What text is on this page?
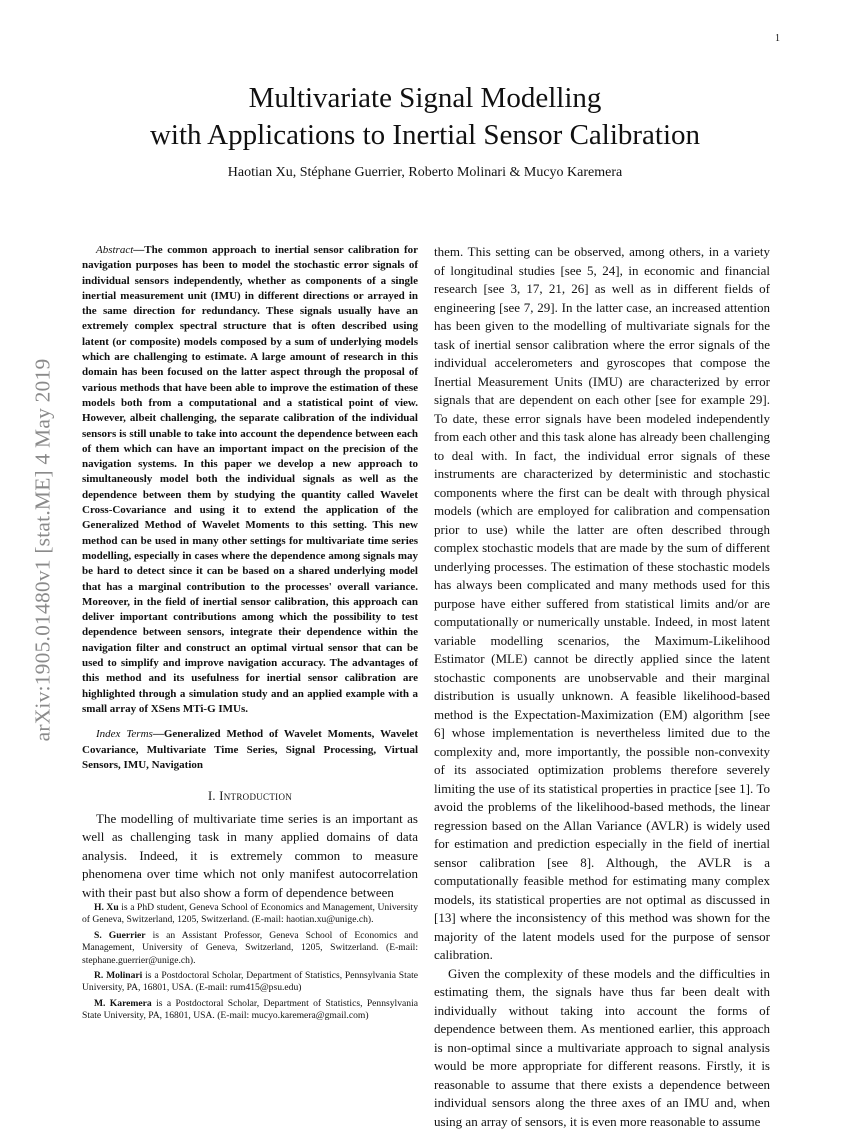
1
arXiv:1905.01480v1 [stat.ME] 4 May 2019
Multivariate Signal Modelling
with Applications to Inertial Sensor Calibration
Haotian Xu, Stéphane Guerrier, Roberto Molinari & Mucyo Karemera

Abstract—The common approach to inertial sensor calibration for navigation purposes has been to model the stochastic error signals of individual sensors independently, whether as components of a single inertial measurement unit (IMU) in different directions or arrayed in the same direction for redundancy. These signals usually have an extremely complex spectral structure that is often described using latent (or composite) models composed by a sum of underlying models which are challenging to estimate. A large amount of research in this domain has been focused on the latter aspect through the proposal of various methods that have been able to improve the estimation of these models both from a computational and a statistical point of view. However, albeit challenging, the separate calibration of the individual sensors is still unable to take into account the dependence between each of them which can have an important impact on the precision of the navigation systems. In this paper we develop a new approach to simultaneously model both the individual signals as well as the dependence between them by studying the quantity called Wavelet Cross-Covariance and using it to extend the application of the Generalized Method of Wavelet Moments to this setting. This new method can be used in many other settings for multivariate time series modelling, especially in cases where the dependence among signals may be hard to detect since it can be based on a shared underlying model that has a marginal contribution to the processes' overall variance. Moreover, in the field of inertial sensor calibration, this approach can deliver important contributions among which the possibility to test dependence between sensors, integrate their dependence within the navigation filter and construct an optimal virtual sensor that can be used to simplify and improve navigation accuracy. The advantages of this method and its usefulness for inertial sensor calibration are highlighted through a simulation study and an applied example with a small array of XSens MTi-G IMUs.

Index Terms—Generalized Method of Wavelet Moments, Wavelet Covariance, Multivariate Time Series, Signal Processing, Virtual Sensors, IMU, Navigation

I. Introduction

The modelling of multivariate time series is an important as well as challenging task in many applied domains of data analysis. Indeed, it is extremely common to measure phenomena over time which not only manifest autocorrelation with their past but also show a form of dependence between

H. Xu is a PhD student, Geneva School of Economics and Management, University of Geneva, Switzerland, 1205, Switzerland. (E-mail: haotian.xu@unige.ch).

S. Guerrier is an Assistant Professor, Geneva School of Economics and Management, University of Geneva, Switzerland, 1205, Switzerland. (E-mail: stephane.guerrier@unige.ch).

R. Molinari is a Postdoctoral Scholar, Department of Statistics, Pennsylvania State University, PA, 16801, USA. (E-mail: rum415@psu.edu)

M. Karemera is a Postdoctoral Scholar, Department of Statistics, Pennsylvania State University, PA, 16801, USA. (E-mail: mucyo.karemera@gmail.com)

them. This setting can be observed, among others, in a variety of longitudinal studies [see 5, 24], in economic and financial research [see 3, 17, 21, 26] as well as in different fields of engineering [see 7, 29]. In the latter case, an increased attention has been given to the modelling of multivariate signals for the task of inertial sensor calibration where the error signals of the individual accelerometers and gyroscopes that compose the Inertial Measurement Units (IMU) are characterized by error signals that are dependent on each other [see for example 29]. To date, these error signals have been modeled independently from each other and this task alone has already been challenging to deal with. In fact, the individual error signals of these instruments are characterized by deterministic and stochastic components where the first can be dealt with through physical models (which are employed for calibration and compensation prior to use) while the latter are often described through complex stochastic models that are made by the sum of different underlying processes. The estimation of these stochastic models has always been complicated and many methods used for this purpose have either suffered from statistical limits and/or are computationally or numerically unstable. Indeed, in most latent variable modelling scenarios, the Maximum-Likelihood Estimator (MLE) cannot be directly applied since the latent stochastic components are unobservable and their marginal distribution is usually unknown. A feasible likelihood-based method is the Expectation-Maximization (EM) algorithm [see 6] whose implementation is nevertheless limited due to the complexity and, more importantly, the possible non-convexity of its associated optimization problems therefore severely limiting the use of its statistical properties in practice [see 1]. To avoid the problems of the likelihood-based methods, the linear regression based on the Allan Variance (AVLR) is widely used for estimation and prediction especially in the field of inertial sensor calibration [see 8]. Although, the AVLR is a computationally feasible method for estimating many complex models, its statistical properties are not optimal as discussed in [13] where the inconsistency of this method was shown for the majority of the latent models used for the purpose of sensor calibration.

Given the complexity of these models and the difficulties in estimating them, the signals have thus far been dealt with individually without taking into account the forms of dependence between them. As mentioned earlier, this approach is non-optimal since a multivariate approach to signal analysis would be more appropriate for different reasons. Firstly, it is reasonable to assume that there exists a dependence between individual sensors along the three axes of an IMU and, when using an array of sensors, it is even more reasonable to assume
